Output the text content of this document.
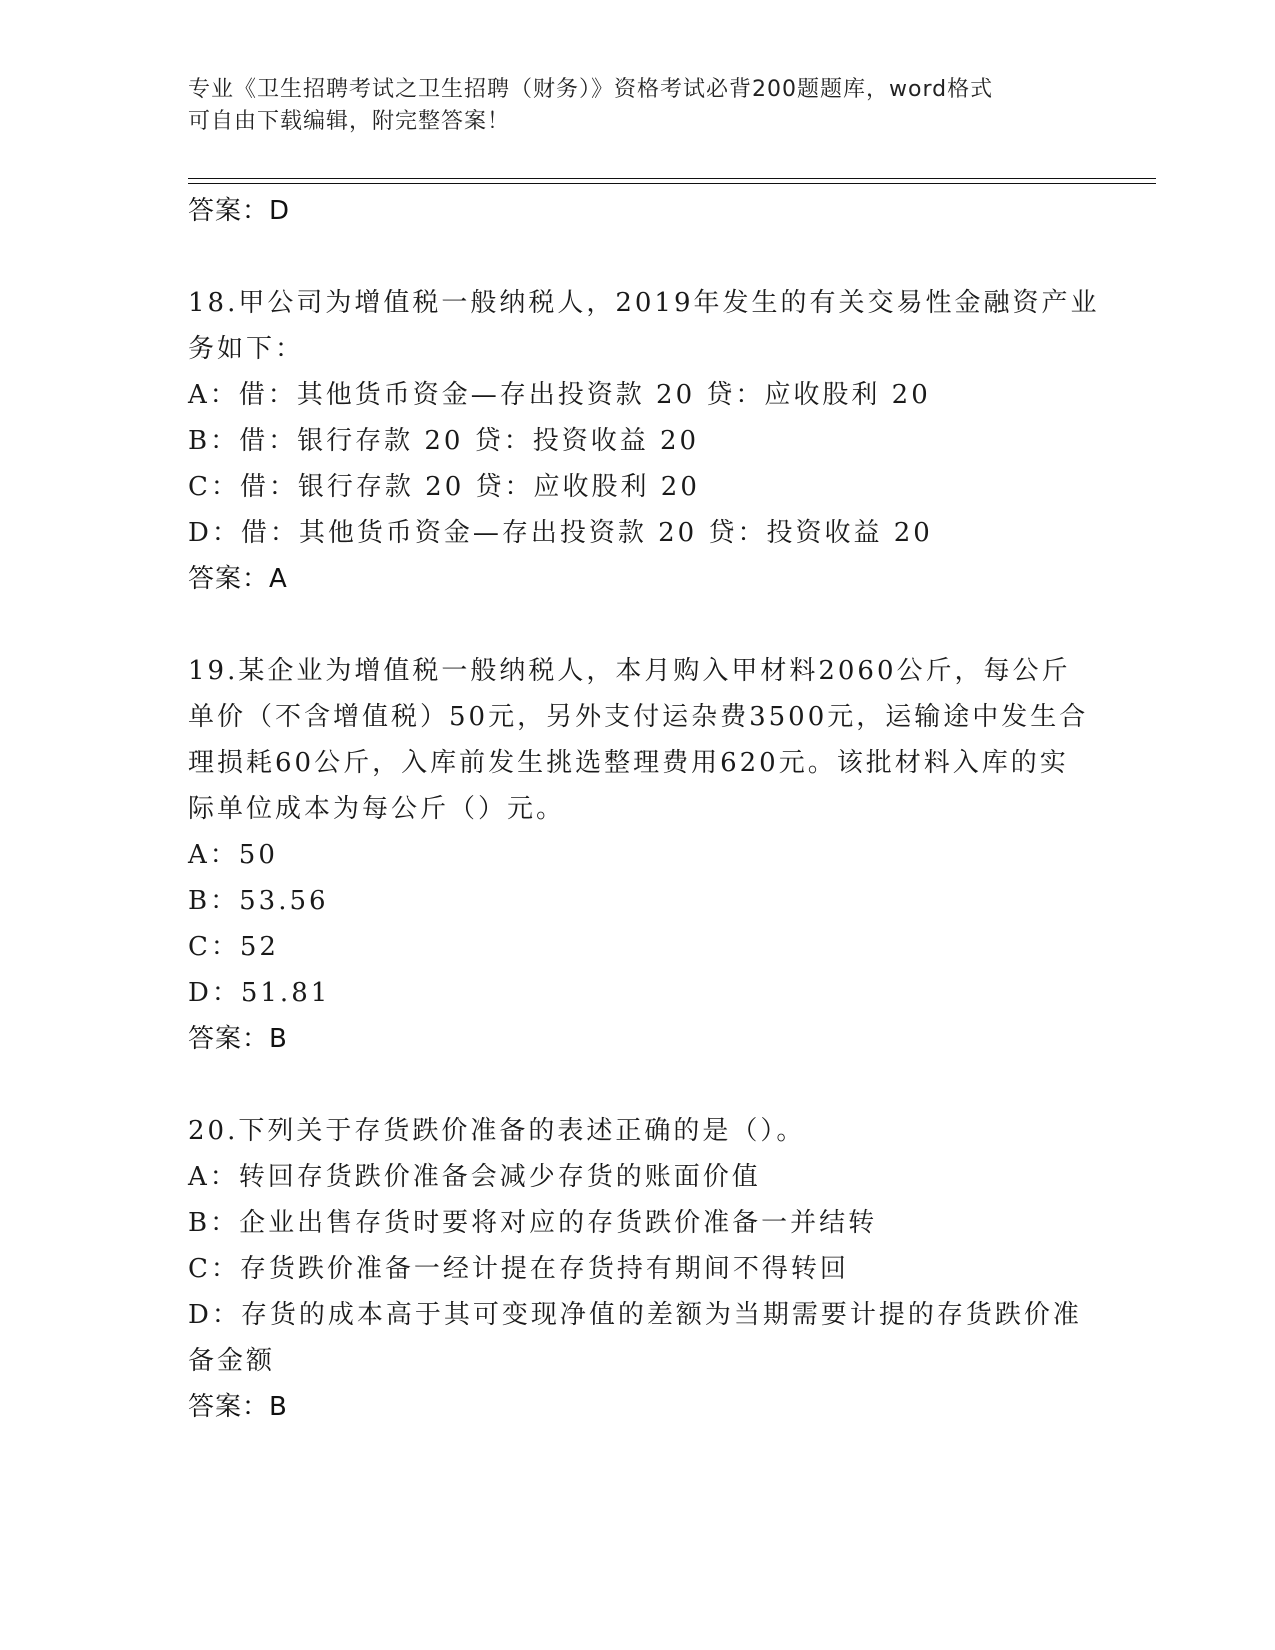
专业《卫生招聘考试之卫生招聘（财务）》资格考试必背200题题库，word格式
可自由下载编辑，附完整答案！
答案：D
18.甲公司为增值税一般纳税人，2019年发生的有关交易性金融资产业
务如下：
A：借：其他货币资金—存出投资款 20 贷：应收股利 20
B：借：银行存款 20 贷：投资收益 20
C：借：银行存款 20 贷：应收股利 20
D：借：其他货币资金—存出投资款 20 贷：投资收益 20
答案：A
19.某企业为增值税一般纳税人，本月购入甲材料2060公斤，每公斤
单价（不含增值税）50元，另外支付运杂费3500元，运输途中发生合
理损耗60公斤，入库前发生挑选整理费用620元。该批材料入库的实
际单位成本为每公斤（）元。
A：50
B：53.56
C：52
D：51.81
答案：B
20.下列关于存货跌价准备的表述正确的是（）。
A：转回存货跌价准备会减少存货的账面价值
B：企业出售存货时要将对应的存货跌价准备一并结转
C：存货跌价准备一经计提在存货持有期间不得转回
D：存货的成本高于其可变现净值的差额为当期需要计提的存货跌价准
备金额
答案：B
